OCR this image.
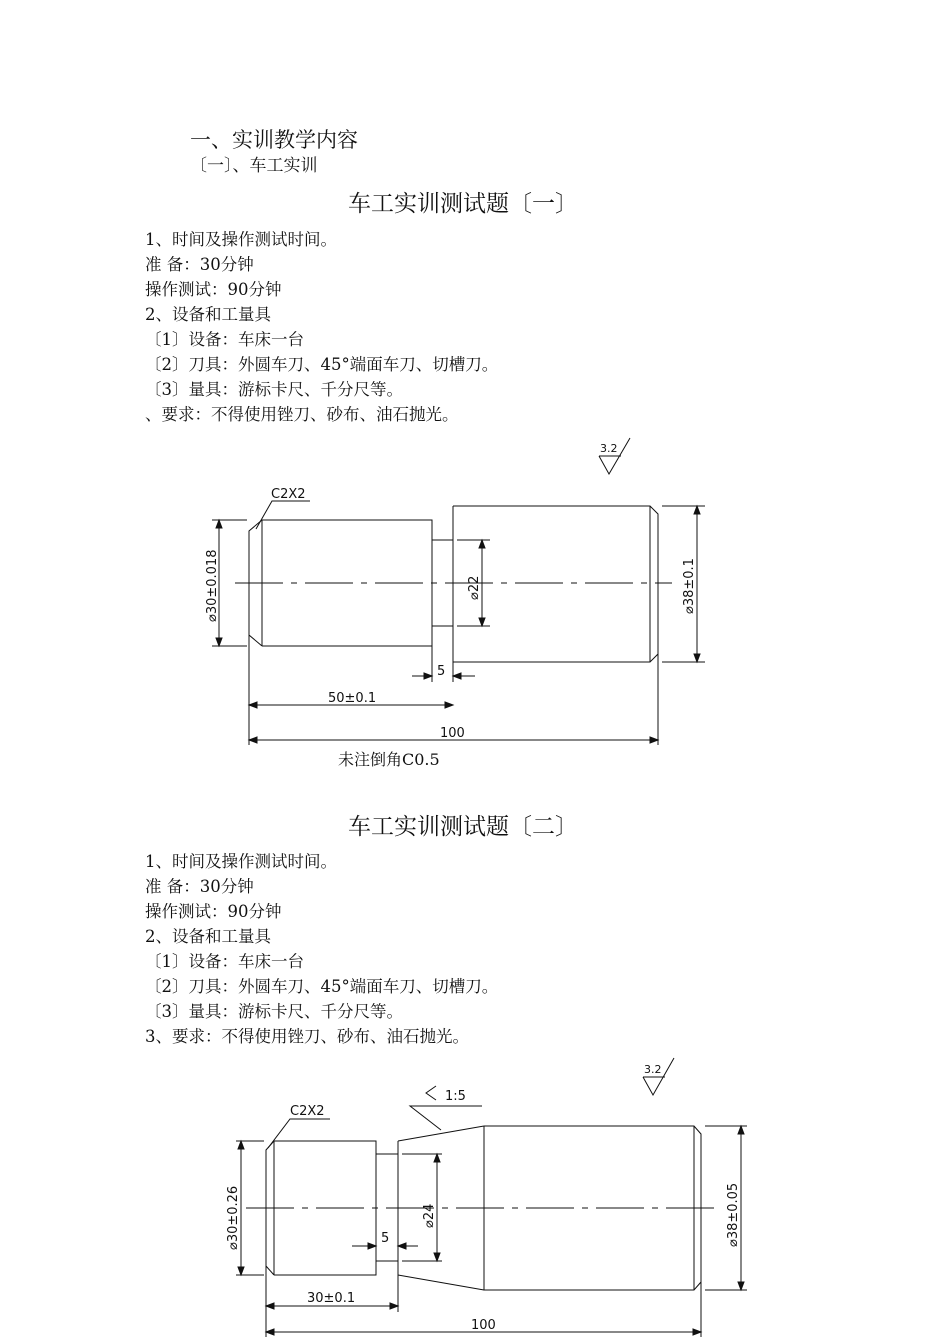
一、实训教学内容
〔一〕、车工实训
车工实训测试题〔一〕
1、时间及操作测试时间。
准 备：30分钟
操作测试：90分钟
2、设备和工量具
〔1〕设备：车床一台
〔2〕刀具：外圆车刀、45°端面车刀、切槽刀。
〔3〕量具：游标卡尺、千分尺等。
、要求：不得使用锉刀、砂布、油石抛光。
3.2
C2X2
⌀30±0.018	⌀22	⌀38±0.1
5
50±0.1
100
未注倒角C0.5
车工实训测试题〔二〕
1、时间及操作测试时间。
准 备：30分钟
操作测试：90分钟
2、设备和工量具
〔1〕设备：车床一台
〔2〕刀具：外圆车刀、45°端面车刀、切槽刀。
〔3〕量具：游标卡尺、千分尺等。
3、要求：不得使用锉刀、砂布、油石抛光。
3.2
1:5
C2X2
⌀30±0.26	⌀24	⌀38±0.05
5
30±0.1
100
